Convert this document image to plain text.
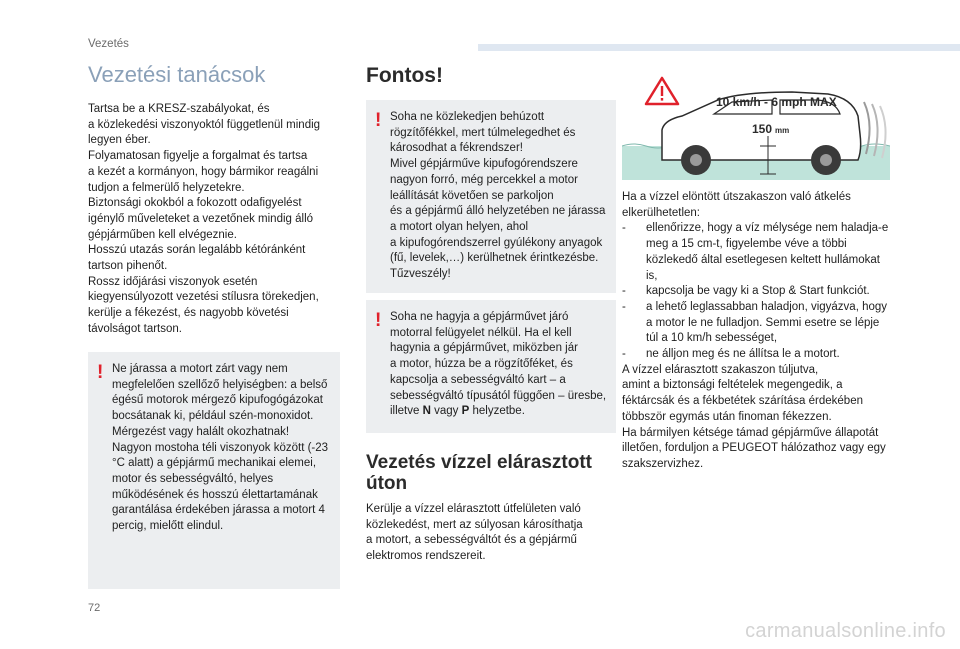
Vezetés
Vezetési tanácsok

Tartsa be a KRESZ-szabályokat, és
a közlekedési viszonyoktól függetlenül mindig legyen éber.
Folyamatosan figyelje a forgalmat és tartsa
a kezét a kormányon, hogy bármikor reagálni tudjon a felmerülő helyzetekre.
Biztonsági okokból a fokozott odafigyelést igénylő műveleteket a vezetőnek mindig álló gépjárműben kell elvégeznie.
Hosszú utazás során legalább kétóránként tartson pihenőt.
Rossz időjárási viszonyok esetén kiegyensúlyozott vezetési stílusra törekedjen, kerülje a fékezést, és nagyobb követési távolságot tartson.

! Ne járassa a motort zárt vagy nem megfelelően szellőző helyiségben: a belső égésű motorok mérgező kipufogógázokat bocsátanak ki, például szén-monoxidot. Mérgezést vagy halált okozhatnak!
Nagyon mostoha téli viszonyok között (-23 °C alatt) a gépjármű mechanikai elemei, motor és sebességváltó, helyes működésének és hosszú élettartamának garantálása érdekében járassa a motort 4 percig, mielőtt elindul.

Fontos!
! Soha ne közlekedjen behúzott rögzítőfékkel, mert túlmelegedhet és károsodhat a fékrendszer!
Mivel gépjárműve kipufogórendszere nagyon forró, még percekkel a motor leállítását követően se parkoljon
és a gépjármű álló helyzetében ne járassa a motort olyan helyen, ahol
a kipufogórendszerrel gyúlékony anyagok (fű, levelek,…) kerülhetnek érintkezésbe.
Tűzveszély!

! Soha ne hagyja a gépjárművet járó motorral felügyelet nélkül. Ha el kell hagynia a gépjárművet, miközben jár
a motor, húzza be a rögzítőféket, és kapcsolja a sebességváltó kart – a sebességváltó típusától függően – üresbe, illetve N vagy P helyzetbe.

Vezetés vízzel elárasztott
úton

Kerülje a vízzel elárasztott útfelületen való közlekedést, mert az súlyosan károsíthatja
a motort, a sebességváltót és a gépjármű elektromos rendszereit.

10 km/h - 6 mph MAX
150 mm

Ha a vízzel elöntött útszakaszon való átkelés elkerülhetetlen:

- ellenőrizze, hogy a víz mélysége nem haladja-e meg a 15 cm-t, figyelembe véve a többi közlekedő által esetlegesen keltett hullámokat is,
- kapcsolja be vagy ki a Stop & Start funkciót.
- a lehető leglassabban haladjon, vigyázva, hogy a motor le ne fulladjon. Semmi esetre se lépje túl a 10 km/h sebességet,
- ne álljon meg és ne állítsa le a motort.

A vízzel elárasztott szakaszon túljutva,
amint a biztonsági feltételek megengedik, a féktárcsák és a fékbetétek szárítása érdekében többször egymás után finoman fékezzen.
Ha bármilyen kétsége támad gépjárműve állapotát illetően, forduljon a PEUGEOT hálózathoz vagy egy szakszervizhez.

72
carmanualsonline.info
